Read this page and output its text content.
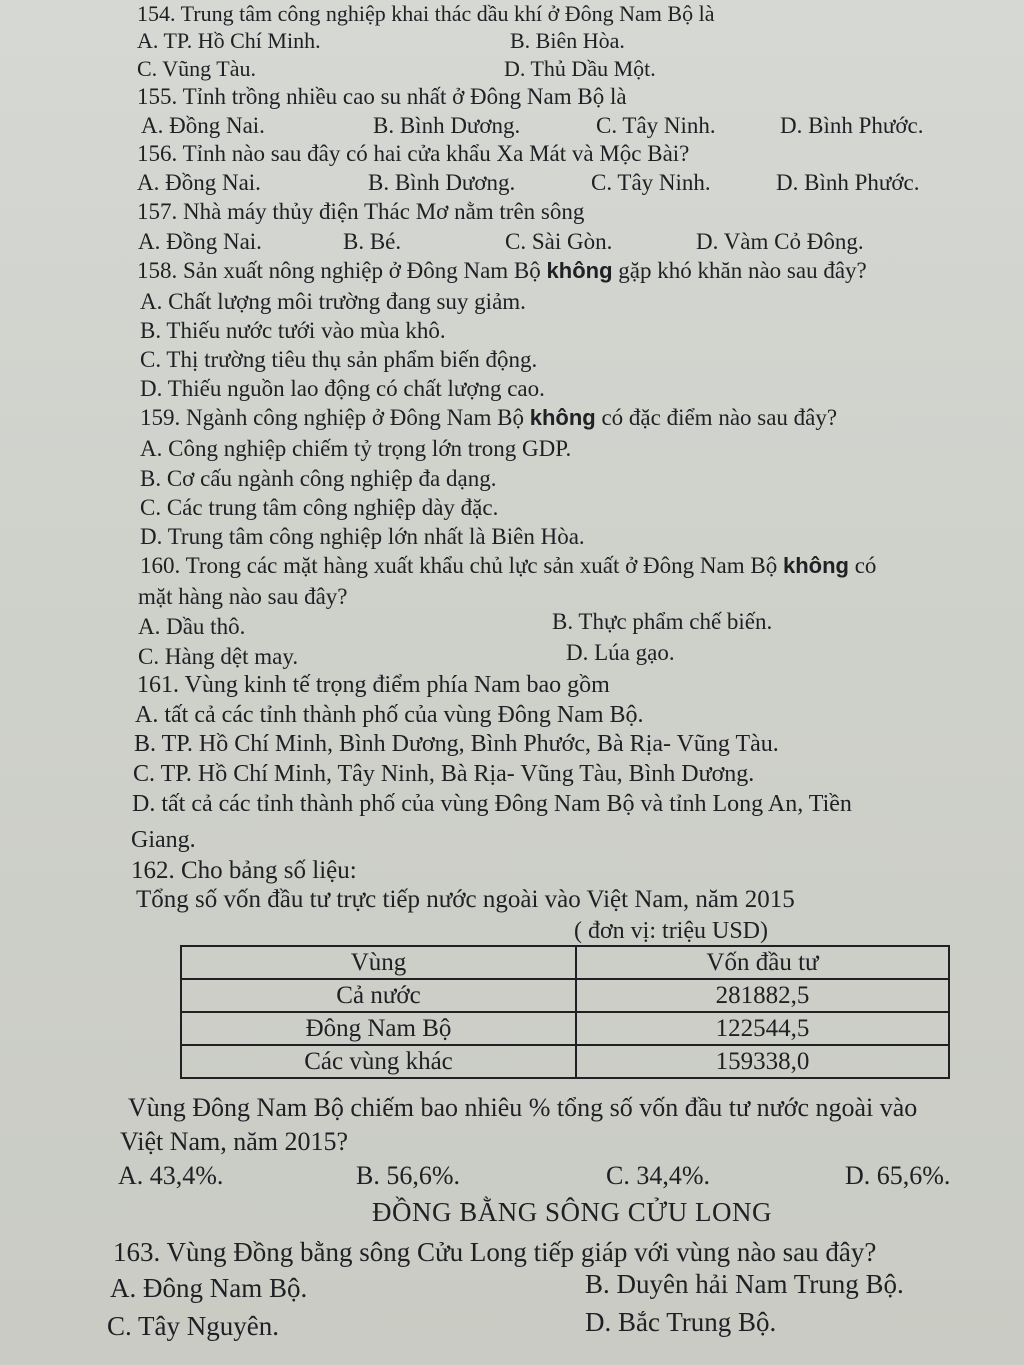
154. Trung tâm công nghiệp khai thác dầu khí ở Đông Nam Bộ là
A. TP. Hồ Chí Minh.	B. Biên Hòa.
C. Vũng Tàu.	D. Thủ Dầu Một.
155. Tỉnh trồng nhiều cao su nhất ở Đông Nam Bộ là
A. Đồng Nai.	B. Bình Dương.	C. Tây Ninh.	D. Bình Phước.
156. Tỉnh nào sau đây có hai cửa khẩu Xa Mát và Mộc Bài?
A. Đồng Nai.	B. Bình Dương.	C. Tây Ninh.	D. Bình Phước.
157. Nhà máy thủy điện Thác Mơ nằm trên sông
A. Đồng Nai.	B. Bé.	C. Sài Gòn.	D. Vàm Cỏ Đông.
158. Sản xuất nông nghiệp ở Đông Nam Bộ không gặp khó khăn nào sau đây?
A. Chất lượng môi trường đang suy giảm.
B. Thiếu nước tưới vào mùa khô.
C. Thị trường tiêu thụ sản phẩm biến động.
D. Thiếu nguồn lao động có chất lượng cao.
159. Ngành công nghiệp ở Đông Nam Bộ không có đặc điểm nào sau đây?
A. Công nghiệp chiếm tỷ trọng lớn trong GDP.
B. Cơ cấu ngành công nghiệp đa dạng.
C. Các trung tâm công nghiệp dày đặc.
D. Trung tâm công nghiệp lớn nhất là Biên Hòa.
160. Trong các mặt hàng xuất khẩu chủ lực sản xuất ở Đông Nam Bộ không có
mặt hàng nào sau đây?
A. Dầu thô.	B. Thực phẩm chế biến.
C. Hàng dệt may.	D. Lúa gạo.
161. Vùng kinh tế trọng điểm phía Nam bao gồm
A. tất cả các tỉnh thành phố của vùng Đông Nam Bộ.
B. TP. Hồ Chí Minh, Bình Dương, Bình Phước, Bà Rịa- Vũng Tàu.
C. TP. Hồ Chí Minh, Tây Ninh, Bà Rịa- Vũng Tàu, Bình Dương.
D. tất cả các tỉnh thành phố của vùng Đông Nam Bộ và tỉnh Long An, Tiền
Giang.
162. Cho bảng số liệu:
Tổng số vốn đầu tư trực tiếp nước ngoài vào Việt Nam, năm 2015
( đơn vị: triệu USD)
Vùng	Vốn đầu tư
Cả nước	281882,5
Đông Nam Bộ	122544,5
Các vùng khác	159338,0
Vùng Đông Nam Bộ chiếm bao nhiêu % tổng số vốn đầu tư nước ngoài vào
Việt Nam, năm 2015?
A. 43,4%.	B. 56,6%.	C. 34,4%.	D. 65,6%.
ĐỒNG BẰNG SÔNG CỬU LONG
163. Vùng Đồng bằng sông Cửu Long tiếp giáp với vùng nào sau đây?
A. Đông Nam Bộ.	B. Duyên hải Nam Trung Bộ.
C. Tây Nguyên.	D. Bắc Trung Bộ.
